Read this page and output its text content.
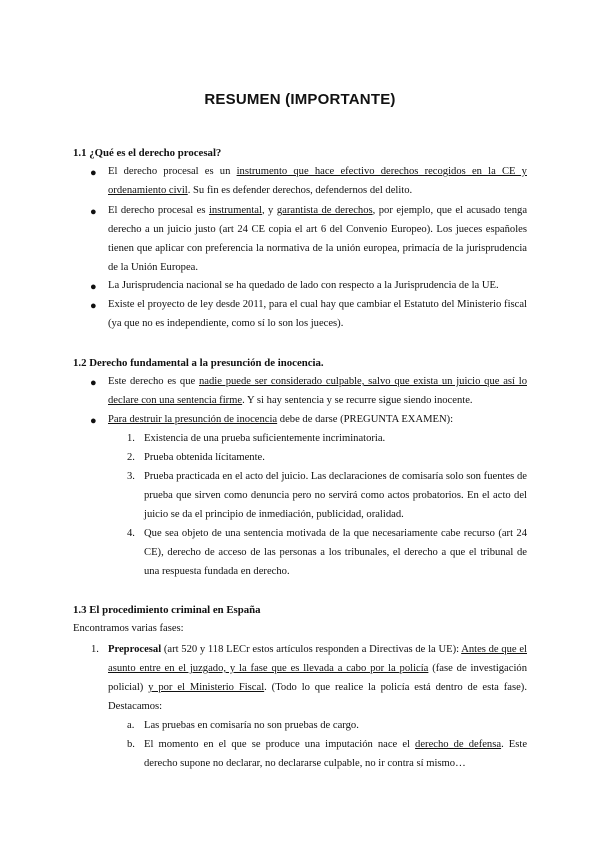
RESUMEN (IMPORTANTE)
1.1 ¿Qué es el derecho procesal?
● El derecho procesal es un instrumento que hace efectivo derechos recogidos en la CE y ordenamiento civil. Su fin es defender derechos, defendernos del delito.

● El derecho procesal es instrumental, y garantista de derechos, por ejemplo, que el acusado tenga derecho a un juicio justo (art 24 CE copia el art 6 del Convenio Europeo). Los jueces españoles tienen que aplicar con preferencia la normativa de la unión europea, primacía de la jurisprudencia de la Unión Europea.

● La Jurisprudencia nacional se ha quedado de lado con respecto a la Jurisprudencia de la UE.

● Existe el proyecto de ley desde 2011, para el cual hay que cambiar el Estatuto del Ministerio fiscal (ya que no es independiente, como sí lo son los jueces).

1.2 Derecho fundamental a la presunción de inocencia.
● Este derecho es que nadie puede ser considerado culpable, salvo que exista un juicio que así lo declare con una sentencia firme. Y si hay sentencia y se recurre sigue siendo inocente.

● Para destruir la presunción de inocencia debe de darse (PREGUNTA EXAMEN):

1. Existencia de una prueba suficientemente incriminatoria.

2. Prueba obtenida lícitamente.

3. Prueba practicada en el acto del juicio. Las declaraciones de comisaría solo son fuentes de prueba que sirven como denuncia pero no servirá como actos probatorios. En el acto del juicio se da el principio de inmediación, publicidad, oralidad.

4. Que sea objeto de una sentencia motivada de la que necesariamente cabe recurso (art 24 CE), derecho de acceso de las personas a los tribunales, el derecho a que el tribunal de una respuesta fundada en derecho.

1.3 El procedimiento criminal en España
Encontramos varias fases:
1. Preprocesal (art 520 y 118 LECr estos artículos responden a Directivas de la UE): Antes de que el asunto entre en el juzgado, y la fase que es llevada a cabo por la policía (fase de investigación policial) y por el Ministerio Fiscal. (Todo lo que realice la policía está dentro de esta fase). Destacamos:

a. Las pruebas en comisaría no son pruebas de cargo.

b. El momento en el que se produce una imputación nace el derecho de defensa. Este derecho supone no declarar, no declararse culpable, no ir contra sí mismo…
